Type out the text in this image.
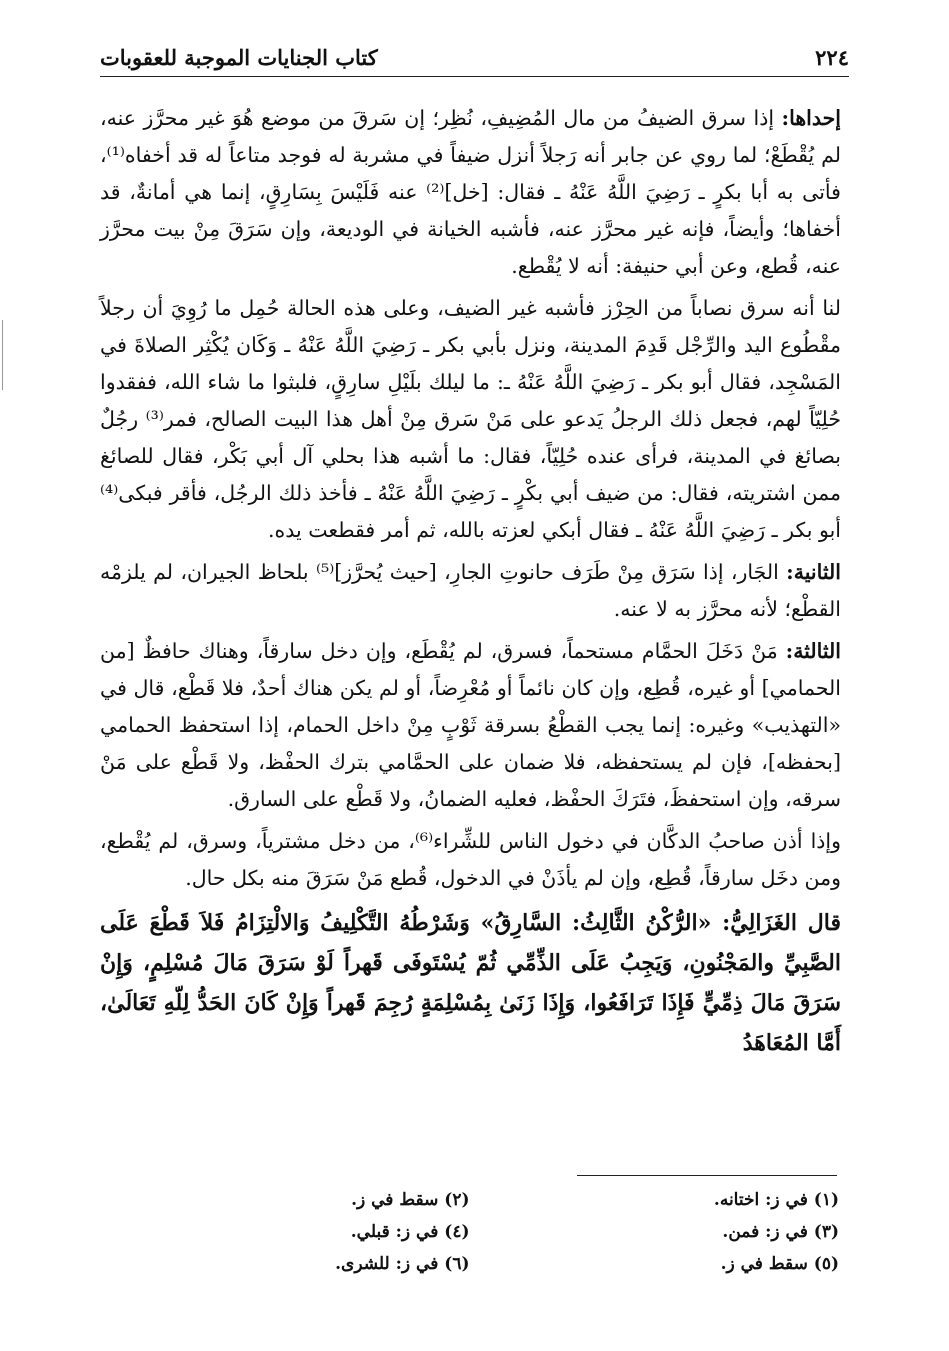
٢٢٤
كتاب الجنايات الموجبة للعقوبات

إحداها: إذا سرق الضيفُ من مال المُضِيفِ، نُظِر؛ إن سَرقَ من موضع هُوَ غير محرَّز عنه، لم يُقْطَعْ؛ لما روي عن جابر أنه رَجلاً أنزل ضيفاً في مشربة له فوجد متاعاً له قد أخفاه⁽¹⁾، فأتى به أبا بكرٍ ـ رَضِيَ اللَّهُ عَنْهُ ـ فقال: [خل]⁽²⁾ عنه فَلَيْسَ بِسَارِقٍ، إنما هي أمانةٌ، قد أخفاها؛ وأيضاً، فإنه غير محرَّز عنه، فأشبه الخيانة في الوديعة، وإن سَرَقَ مِنْ بيت محرَّز عنه، قُطع، وعن أبي حنيفة: أنه لا يُقْطع.

لنا أنه سرق نصاباً من الحِرْز فأشبه غير الضيف، وعلى هذه الحالة حُمِل ما رُوِيَ أن رجلاً مقْطُوع اليد والرِّجْل قَدِمَ المدينة، ونزل بأبي بكر ـ رَضِيَ اللَّهُ عَنْهُ ـ وَكَان يُكْثِر الصلاةَ في المَسْجِد، فقال أبو بكر ـ رَضِيَ اللَّهُ عَنْهُ ـ: ما ليلك بلَيْلِ سارِقٍ، فلبثوا ما شاء الله، ففقدوا حُلِيّاً لهم، فجعل ذلك الرجلُ يَدعو على مَنْ سَرق مِنْ أهل هذا البيت الصالح، فمر⁽³⁾ رجُلٌ بصائغ في المدينة، فرأى عنده حُلِيّاً، فقال: ما أشبه هذا بحلي آل أبي بَكْر، فقال للصائغ ممن اشتريته، فقال: من ضيف أبي بكْرٍ ـ رَضِيَ اللَّهُ عَنْهُ ـ فأخذ ذلك الرجُل، فأقر فبكى⁽⁴⁾ أبو بكر ـ رَضِيَ اللَّهُ عَنْهُ ـ فقال أبكي لعزته بالله، ثم أمر فقطعت يده.

الثانية: الجَار، إذا سَرَق مِنْ طَرَف حانوتِ الجارِ، [حيث يُحرَّز]⁽⁵⁾ بلحاظ الجيران، لم يلزمْه القطْع؛ لأنه محرَّز به لا عنه.

الثالثة: مَنْ دَخَلَ الحمَّام مستحماً، فسرق، لم يُقْطَع، وإن دخل سارقاً، وهناك حافظٌ [من الحمامي] أو غيره، قُطِع، وإن كان نائماً أو مُعْرِضاً، أو لم يكن هناك أحدٌ، فلا قَطْع، قال في «التهذيب» وغيره: إنما يجب القطْعُ بسرقة ثَوْبٍ مِنْ داخل الحمام، إذا استحفظ الحمامي [بحفظه]، فإن لم يستحفظه، فلا ضمان على الحمَّامي بترك الحفْظ، ولا قَطْع على مَنْ سرقه، وإن استحفظَ، فتَرَكَ الحفْظ، فعليه الضمانُ، ولا قَطْع على السارق.

وإذا أذن صاحبُ الدكَّان في دخول الناس للشِّراء⁽⁶⁾، من دخل مشترياً، وسرق، لم يُقْطع، ومن دخَل سارقاً، قُطِع، وإن لم يأذَنْ في الدخول، قُطع مَنْ سَرَقَ منه بكل حال.

قال الغَزَالِيُّ: «الرُّكْنُ الثَّالِثُ: السَّارِقُ» وَشَرْطُهُ التَّكْلِيفُ وَالالْتِزَامُ فَلاَ قَطْعَ عَلَى الصَّبِيِّ والمَجْنُونِ، وَيَجِبُ عَلَى الذِّمِّي ثُمّ يُسْتَوفَى قَهراً لَوْ سَرَقَ مَالَ مُسْلِمٍ، وَإِنْ سَرَقَ مَالَ ذِمِّيٍّ فَإِذَا تَرَافَعُوا، وَإِذَا زَنَىٰ بِمُسْلِمَةٍ رُجِمَ قَهراً وَإِنْ كَانَ الحَدُّ لِلّهِ تَعَالَىٰ، أَمَّا المُعَاهَدُ

(١) في ز: اختانه.
(٢) سقط في ز.
(٣) في ز: فمن.
(٤) في ز: قبلي.
(٥) سقط في ز.
(٦) في ز: للشرى.
